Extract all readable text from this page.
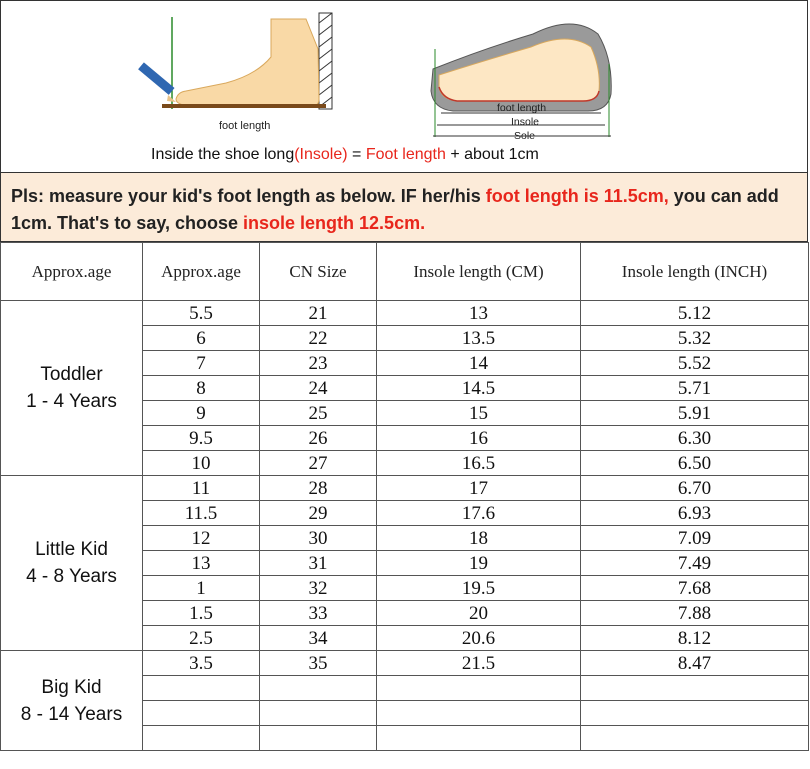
foot length
foot length
Insole
Sole
Inside the shoe long(Insole) = Foot length + about 1cm
Pls: measure your kid's foot length as below. IF her/his foot length is 11.5cm, you can add 1cm. That's to say, choose insole length 12.5cm.
Approx.age	Approx.age	CN Size	Insole length (CM)	Insole length (INCH)

Toddler
1 - 4 Years	5.5	21	13	5.12
	6	22	13.5	5.32
	7	23	14	5.52
	8	24	14.5	5.71
	9	25	15	5.91
	9.5	26	16	6.30
	10	27	16.5	6.50

Little Kid
4 - 8 Years	11	28	17	6.70
	11.5	29	17.6	6.93
	12	30	18	7.09
	13	31	19	7.49
	1	32	19.5	7.68
	1.5	33	20	7.88
	2.5	34	20.6	8.12

Big Kid
8 - 14 Years	3.5	35	21.5	8.47
